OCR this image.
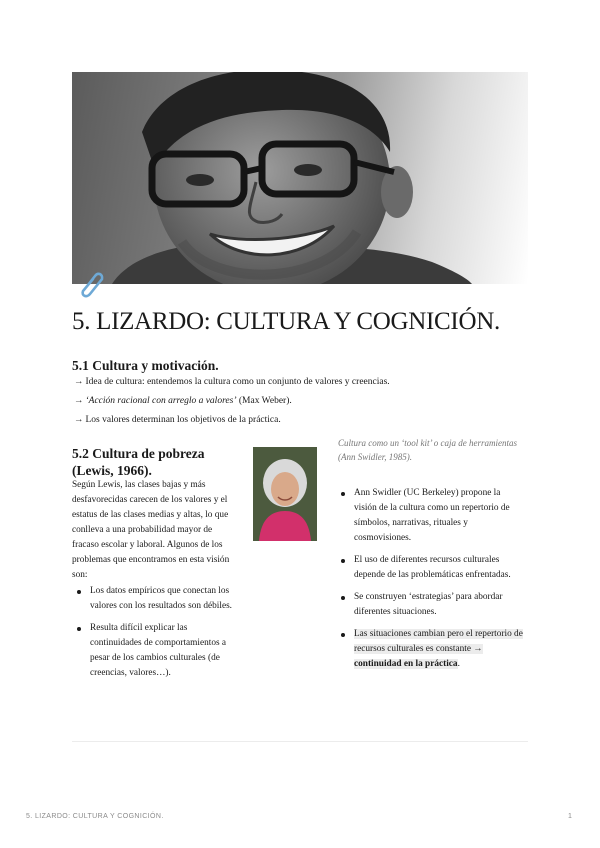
5. LIZARDO: CULTURA Y COGNICIÓN.
5.1 Cultura y motivación.
→ Idea de cultura: entendemos la cultura como un conjunto de valores y creencias.
→ ‘Acción racional con arreglo a valores’ (Max Weber).
→ Los valores determinan los objetivos de la práctica.
5.2 Cultura de pobreza (Lewis, 1966).

Según Lewis, las clases bajas y más desfavorecidas carecen de los valores y el estatus de las clases medias y altas, lo que conlleva a una probabilidad mayor de fracaso escolar y laboral. Algunos de los problemas que encontramos en esta visión son:

Los datos empíricos que conectan los valores con los resultados son débiles.
Resulta difícil explicar las continuidades de comportamientos a pesar de los cambios culturales (de creencias, valores…).

Cultura como un ‘tool kit’ o caja de herramientas
(Ann Swidler, 1985).

Ann Swidler (UC Berkeley) propone la visión de la cultura como un repertorio de símbolos, narrativas, rituales y cosmovisiones.
El uso de diferentes recursos culturales depende de las problemáticas enfrentadas.
Se construyen ‘estrategias’ para abordar diferentes situaciones.
Las situaciones cambian pero el repertorio de recursos culturales es constante → continuidad en la práctica.
5. LIZARDO: CULTURA Y COGNICIÓN.	1
